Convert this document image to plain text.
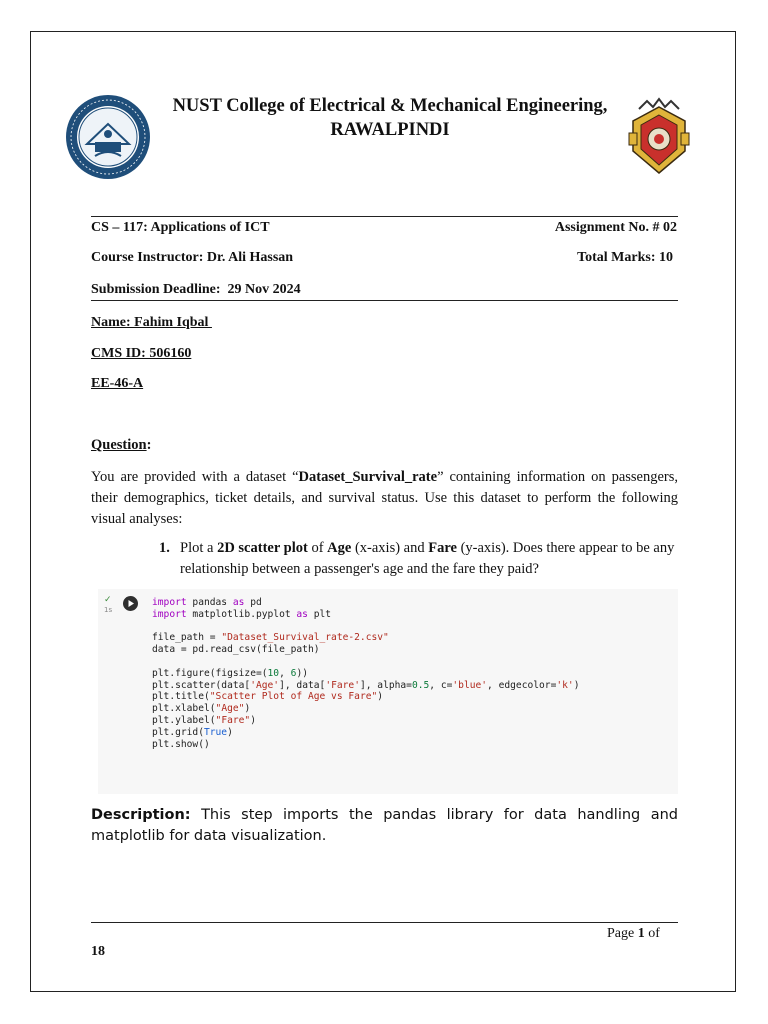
NUST College of Electrical & Mechanical Engineering,
RAWALPINDI
CS – 117: Applications of ICT	Assignment No. # 02
Course Instructor: Dr. Ali Hassan	Total Marks: 10
Submission Deadline:  29 Nov 2024
Name: Fahim Iqbal
CMS ID: 506160
EE-46-A
Question:
You are provided with a dataset “Dataset_Survival_rate” containing information on passengers, their demographics, ticket details, and survival status. Use this dataset to perform the following visual analyses:
1. Plot a 2D scatter plot of Age (x-axis) and Fare (y-axis). Does there appear to be any relationship between a passenger's age and the fare they paid?
✓
1s
import pandas as pd
import matplotlib.pyplot as plt

file_path = "Dataset_Survival_rate-2.csv"
data = pd.read_csv(file_path)

plt.figure(figsize=(10, 6))
plt.scatter(data['Age'], data['Fare'], alpha=0.5, c='blue', edgecolor='k')
plt.title("Scatter Plot of Age vs Fare")
plt.xlabel("Age")
plt.ylabel("Fare")
plt.grid(True)
plt.show()
Description: This step imports the pandas library for data handling and matplotlib for data visualization.
Page 1 of
18
